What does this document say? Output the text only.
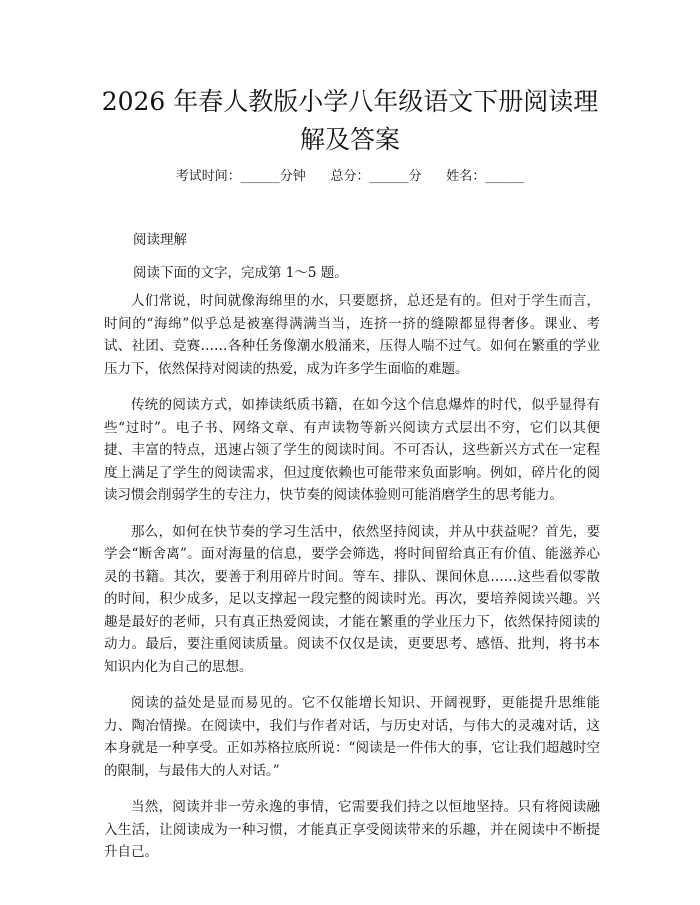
2026 年春人教版小学八年级语文下册阅读理解及答案
考试时间：______分钟      总分：______分      姓名：______
阅读理解
阅读下面的文字，完成第 1～5 题。

人们常说，时间就像海绵里的水，只要愿挤，总还是有的。但对于学生而言，时间的“海绵”似乎总是被塞得满满当当，连挤一挤的缝隙都显得奢侈。课业、考试、社团、竞赛……各种任务像潮水般涌来，压得人喘不过气。如何在繁重的学业压力下，依然保持对阅读的热爱，成为许多学生面临的难题。

传统的阅读方式，如捧读纸质书籍，在如今这个信息爆炸的时代，似乎显得有些“过时”。电子书、网络文章、有声读物等新兴阅读方式层出不穷，它们以其便捷、丰富的特点，迅速占领了学生的阅读时间。不可否认，这些新兴方式在一定程度上满足了学生的阅读需求，但过度依赖也可能带来负面影响。例如，碎片化的阅读习惯会削弱学生的专注力，快节奏的阅读体验则可能消磨学生的思考能力。

那么，如何在快节奏的学习生活中，依然坚持阅读，并从中获益呢？首先，要学会“断舍离”。面对海量的信息，要学会筛选，将时间留给真正有价值、能滋养心灵的书籍。其次，要善于利用碎片时间。等车、排队、课间休息……这些看似零散的时间，积少成多，足以支撑起一段完整的阅读时光。再次，要培养阅读兴趣。兴趣是最好的老师，只有真正热爱阅读，才能在繁重的学业压力下，依然保持阅读的动力。最后，要注重阅读质量。阅读不仅仅是读，更要思考、感悟、批判，将书本知识内化为自己的思想。

阅读的益处是显而易见的。它不仅能增长知识、开阔视野，更能提升思维能力、陶冶情操。在阅读中，我们与作者对话，与历史对话，与伟大的灵魂对话，这本身就是一种享受。正如苏格拉底所说：“阅读是一件伟大的事，它让我们超越时空的限制，与最伟大的人对话。”

当然，阅读并非一劳永逸的事情，它需要我们持之以恒地坚持。只有将阅读融入生活，让阅读成为一种习惯，才能真正享受阅读带来的乐趣，并在阅读中不断提升自己。
